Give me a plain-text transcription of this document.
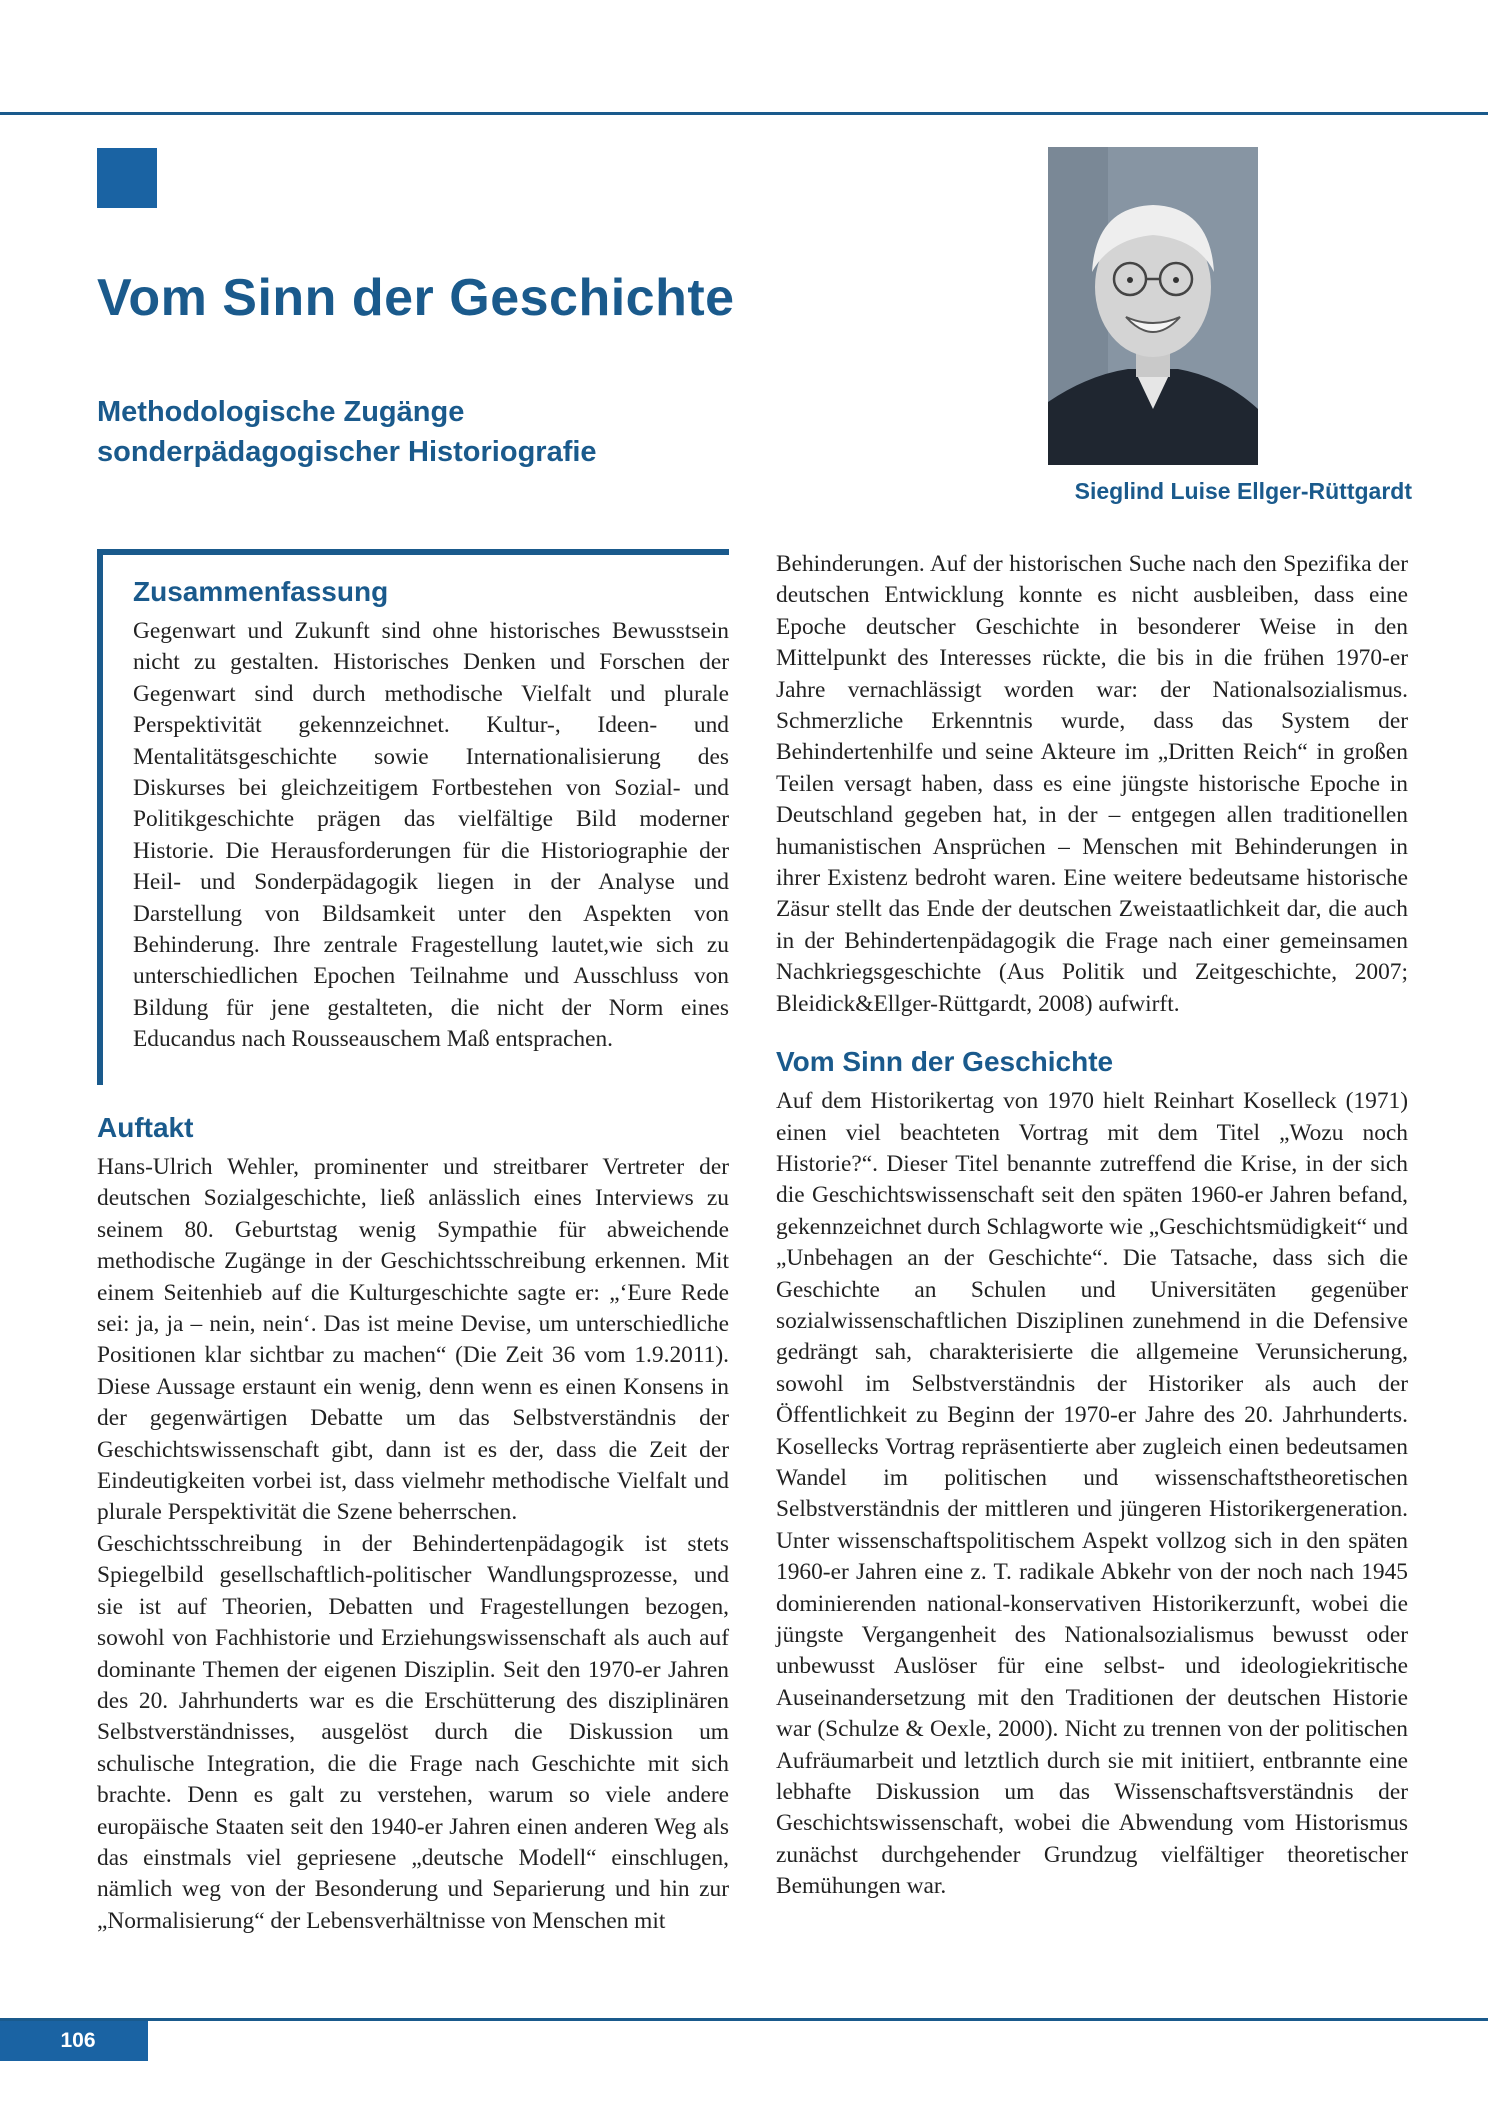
Vom Sinn der Geschichte
Methodologische Zugänge
sonderpädagogischer Historiografie

Sieglind Luise Ellger-Rüttgardt

Zusammenfassung

Gegenwart und Zukunft sind ohne historisches Bewusstsein nicht zu gestalten. Historisches Denken und Forschen der Gegenwart sind durch methodische Vielfalt und plurale Perspektivität gekennzeichnet. Kultur-, Ideen- und Mentalitätsgeschichte sowie Internationalisierung des Diskurses bei gleichzeitigem Fortbestehen von Sozial- und Politikgeschichte prägen das vielfältige Bild moderner Historie. Die Herausforderungen für die Historiographie der Heil- und Sonderpädagogik liegen in der Analyse und Darstellung von Bildsamkeit unter den Aspekten von Behinderung. Ihre zentrale Fragestellung lautet,wie sich zu unterschiedlichen Epochen Teilnahme und Ausschluss von Bildung für jene gestalteten, die nicht der Norm eines Educandus nach Rousseauschem Maß entsprachen.

Auftakt

Hans-Ulrich Wehler, prominenter und streitbarer Vertreter der deutschen Sozialgeschichte, ließ anlässlich eines Interviews zu seinem 80. Geburtstag wenig Sympathie für abweichende methodische Zugänge in der Geschichtsschreibung erkennen. Mit einem Seitenhieb auf die Kulturgeschichte sagte er: „‘Eure Rede sei: ja, ja – nein, nein‘. Das ist meine Devise, um unterschiedliche Positionen klar sichtbar zu machen“ (Die Zeit 36 vom 1.9.2011). Diese Aussage erstaunt ein wenig, denn wenn es einen Konsens in der gegenwärtigen Debatte um das Selbstverständnis der Geschichtswissenschaft gibt, dann ist es der, dass die Zeit der Eindeutigkeiten vorbei ist, dass vielmehr methodische Vielfalt und plurale Perspektivität die Szene beherrschen.

Geschichtsschreibung in der Behindertenpädagogik ist stets Spiegelbild gesellschaftlich-politischer Wandlungsprozesse, und sie ist auf Theorien, Debatten und Fragestellungen bezogen, sowohl von Fachhistorie und Erziehungswissenschaft als auch auf dominante Themen der eigenen Disziplin. Seit den 1970-er Jahren des 20. Jahrhunderts war es die Erschütterung des disziplinären Selbstverständnisses, ausgelöst durch die Diskussion um schulische Integration, die die Frage nach Geschichte mit sich brachte. Denn es galt zu verstehen, warum so viele andere europäische Staaten seit den 1940-er Jahren einen anderen Weg als das einstmals viel gepriesene „deutsche Modell“ einschlugen, nämlich weg von der Besonderung und Separierung und hin zur „Normalisierung“ der Lebensverhältnisse von Menschen mit

Behinderungen. Auf der historischen Suche nach den Spezifika der deutschen Entwicklung konnte es nicht ausbleiben, dass eine Epoche deutscher Geschichte in besonderer Weise in den Mittelpunkt des Interesses rückte, die bis in die frühen 1970-er Jahre vernachlässigt worden war: der Nationalsozialismus. Schmerzliche Erkenntnis wurde, dass das System der Behindertenhilfe und seine Akteure im „Dritten Reich“ in großen Teilen versagt haben, dass es eine jüngste historische Epoche in Deutschland gegeben hat, in der – entgegen allen traditionellen humanistischen Ansprüchen – Menschen mit Behinderungen in ihrer Existenz bedroht waren. Eine weitere bedeutsame historische Zäsur stellt das Ende der deutschen Zweistaatlichkeit dar, die auch in der Behindertenpädagogik die Frage nach einer gemeinsamen Nachkriegsgeschichte (Aus Politik und Zeitgeschichte, 2007; Bleidick&Ellger-Rüttgardt, 2008) aufwirft.

Vom Sinn der Geschichte

Auf dem Historikertag von 1970 hielt Reinhart Koselleck (1971) einen viel beachteten Vortrag mit dem Titel „Wozu noch Historie?“. Dieser Titel benannte zutreffend die Krise, in der sich die Geschichtswissenschaft seit den späten 1960-er Jahren befand, gekennzeichnet durch Schlagworte wie „Geschichtsmüdigkeit“ und „Unbehagen an der Geschichte“. Die Tatsache, dass sich die Geschichte an Schulen und Universitäten gegenüber sozialwissenschaftlichen Disziplinen zunehmend in die Defensive gedrängt sah, charakterisierte die allgemeine Verunsicherung, sowohl im Selbstverständnis der Historiker als auch der Öffentlichkeit zu Beginn der 1970-er Jahre des 20. Jahrhunderts. Kosellecks Vortrag repräsentierte aber zugleich einen bedeutsamen Wandel im politischen und wissenschaftstheoretischen Selbstverständnis der mittleren und jüngeren Historikergeneration. Unter wissenschaftspolitischem Aspekt vollzog sich in den späten 1960-er Jahren eine z. T. radikale Abkehr von der noch nach 1945 dominierenden national-konservativen Historikerzunft, wobei die jüngste Vergangenheit des Nationalsozialismus bewusst oder unbewusst Auslöser für eine selbst- und ideologiekritische Auseinandersetzung mit den Traditionen der deutschen Historie war (Schulze & Oexle, 2000). Nicht zu trennen von der politischen Aufräumarbeit und letztlich durch sie mit initiiert, entbrannte eine lebhafte Diskussion um das Wissenschaftsverständnis der Geschichtswissenschaft, wobei die Abwendung vom Historismus zunächst durchgehender Grundzug vielfältiger theoretischer Bemühungen war.

106
